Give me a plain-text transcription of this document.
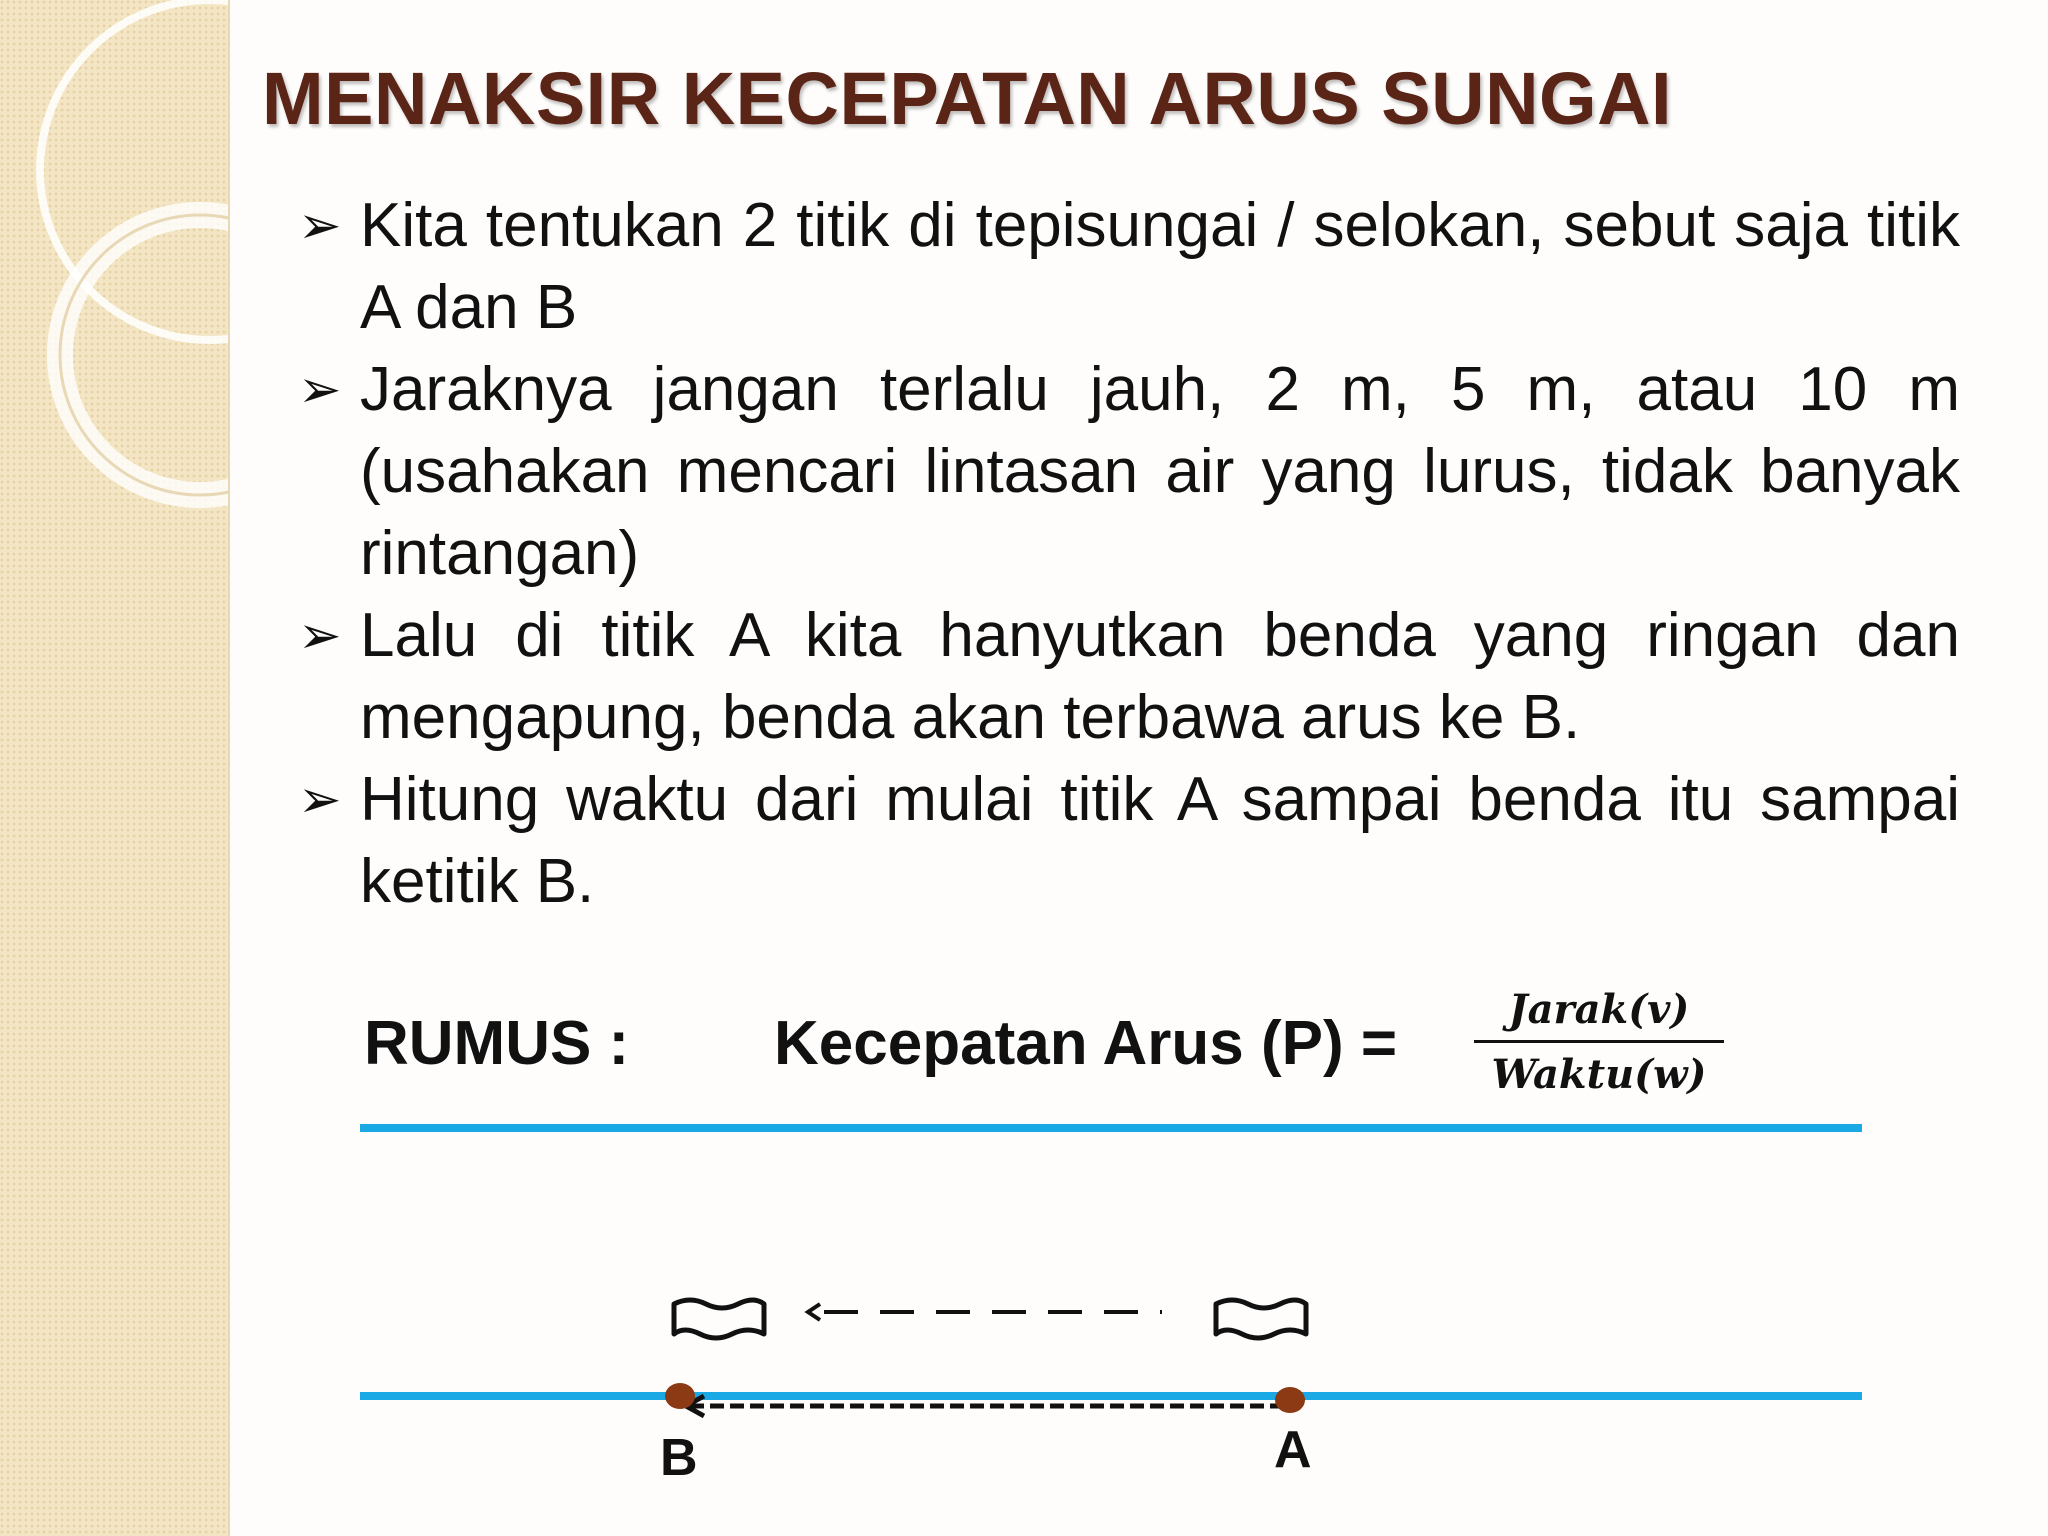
MENAKSIR KECEPATAN ARUS SUNGAI
➢ Kita tentukan 2 titik di tepisungai / selokan, sebut saja titik A dan B
➢ Jaraknya jangan terlalu jauh, 2 m, 5 m, atau 10 m (usahakan mencari lintasan air yang lurus, tidak banyak rintangan)
➢ Lalu di titik A kita hanyutkan benda yang ringan dan mengapung, benda akan terbawa arus ke B.
➢ Hitung waktu dari mulai titik A sampai benda itu sampai ketitik B.
RUMUS : Kecepatan Arus (P) =	Jarak(v)
Waktu(w)
B	A
